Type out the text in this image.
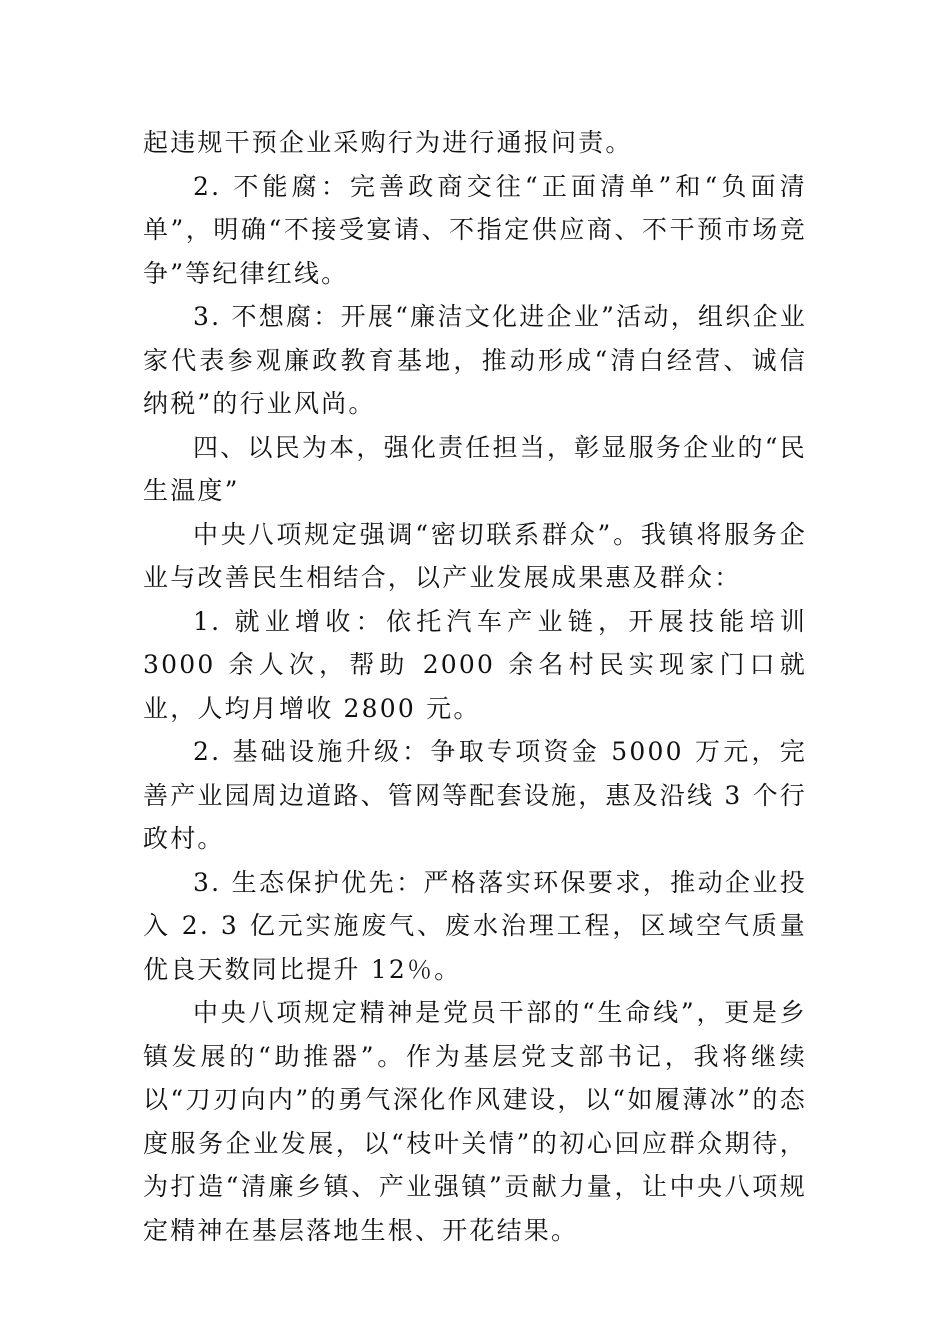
起违规干预企业采购行为进行通报问责。

2. 不能腐：完善政商交往“正面清单”和“负面清单”，明确“不接受宴请、不指定供应商、不干预市场竞争”等纪律红线。

3. 不想腐：开展“廉洁文化进企业”活动，组织企业家代表参观廉政教育基地，推动形成“清白经营、诚信纳税”的行业风尚。

四、以民为本，强化责任担当，彰显服务企业的“民生温度”

中央八项规定强调“密切联系群众”。我镇将服务企业与改善民生相结合，以产业发展成果惠及群众：

1. 就业增收：依托汽车产业链，开展技能培训 3000 余人次，帮助 2000 余名村民实现家门口就业，人均月增收 2800 元。

2. 基础设施升级：争取专项资金 5000 万元，完善产业园周边道路、管网等配套设施，惠及沿线 3 个行政村。

3. 生态保护优先：严格落实环保要求，推动企业投入 2. 3 亿元实施废气、废水治理工程，区域空气质量优良天数同比提升 12％。

中央八项规定精神是党员干部的“生命线”，更是乡镇发展的“助推器”。作为基层党支部书记，我将继续以“刀刃向内”的勇气深化作风建设，以“如履薄冰”的态度服务企业发展，以“枝叶关情”的初心回应群众期待，为打造“清廉乡镇、产业强镇”贡献力量，让中央八项规定精神在基层落地生根、开花结果。
